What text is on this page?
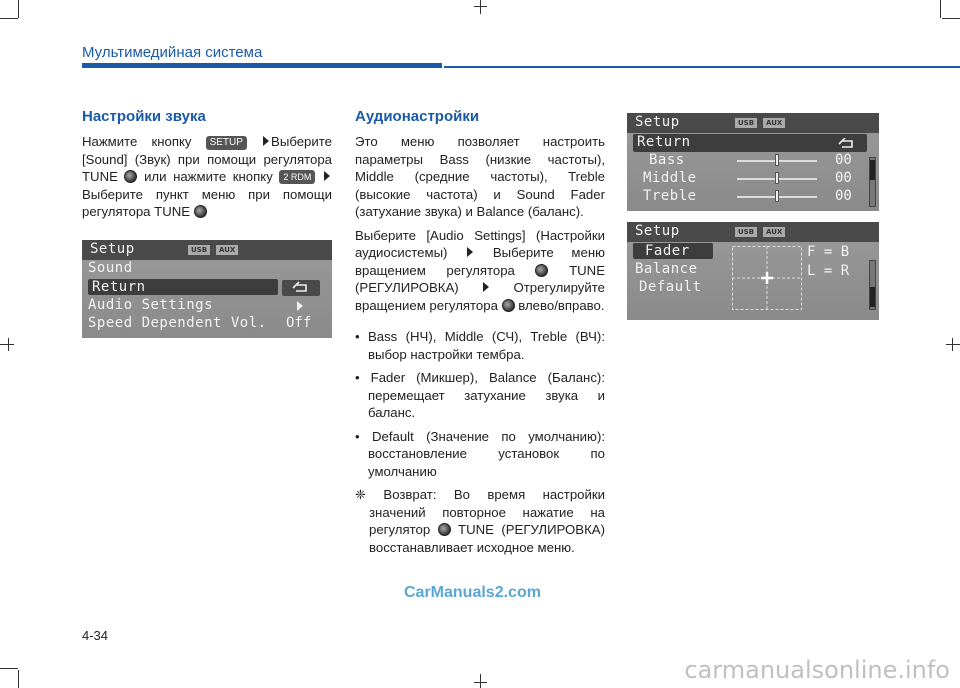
Мультимедийная система
Настройки звука

Нажмите кнопку SETUP Выберите [Sound] (Звук) при помощи регулятора TUNE или нажмите кнопку 2 RDM Выберите пункт меню при помощи регулятора TUNE

Setup	USB	AUX
Sound
Return
Audio Settings
Speed Dependent Vol. Off
Аудионастройки

Это меню позволяет настроить параметры Bass (низкие частоты), Middle (средние частоты), Treble (высокие частота) и Sound Fader (затухание звука) и Balance (баланс).

Выберите [Audio Settings] (Настройки аудиосистемы)	Выберите меню вращением регулятора	TUNE (РЕГУЛИРОВКА)	Отрегулируйте вращением регулятора влево/вправо.

• Bass (НЧ), Middle (СЧ), Treble (ВЧ): выбор настройки тембра.
• Fader (Микшер), Balance (Баланс): перемещает затухание звука и баланс.
• Default (Значение по умолчанию): восстановление установок по умолчанию

❈ Возврат: Во время настройки значений повторное нажатие на регулятор TUNE (РЕГУЛИРОВКА) восстанавливает исходное меню.

Setup	USB	AUX
Return
Bass	00
Middle	00
Treble	00
Setup	USB	AUX
Fader
Balance
Default
F = B
L = R
CarManuals2.com
4-34
carmanualsonline.info
